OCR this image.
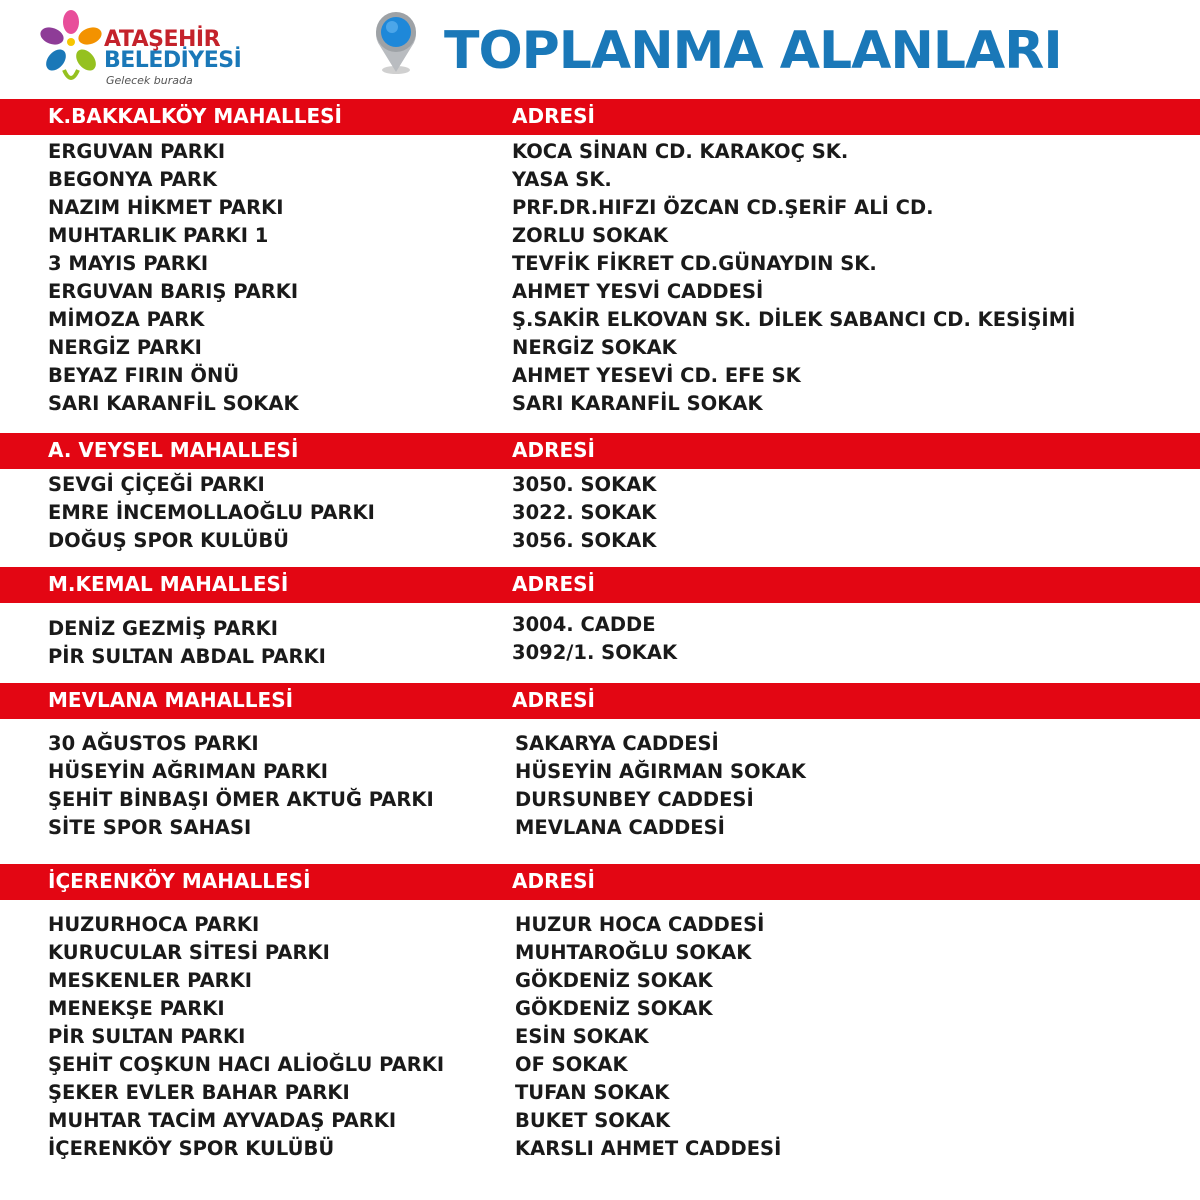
ATAŞEHİR
BELEDİYESİ
Gelecek burada	TOPLANMA ALANLARI
K.BAKKALKÖY MAHALLESİ	ADRESİ
ERGUVAN PARKI	KOCA SİNAN CD. KARAKOÇ SK.
BEGONYA PARK	YASA SK.
NAZIM HİKMET PARKI	PRF.DR.HIFZI ÖZCAN CD.ŞERİF ALİ CD.
MUHTARLIK PARKI 1	ZORLU SOKAK
3 MAYIS PARKI	TEVFİK FİKRET CD.GÜNAYDIN SK.
ERGUVAN BARIŞ PARKI	AHMET YESVİ CADDESİ
MİMOZA PARK	Ş.SAKİR ELKOVAN SK. DİLEK SABANCI CD. KESİŞİMİ
NERGİZ PARKI	NERGİZ SOKAK
BEYAZ FIRIN ÖNÜ	AHMET YESEVİ CD. EFE SK
SARI KARANFİL SOKAK	SARI KARANFİL SOKAK
A. VEYSEL MAHALLESİ	ADRESİ
SEVGİ ÇİÇEĞİ PARKI	3050. SOKAK
EMRE İNCEMOLLAOĞLU PARKI	3022. SOKAK
DOĞUŞ SPOR KULÜBÜ	3056. SOKAK
M.KEMAL MAHALLESİ	ADRESİ
DENİZ GEZMİŞ PARKI	3004. CADDE
PİR SULTAN ABDAL PARKI	3092/1. SOKAK
MEVLANA MAHALLESİ	ADRESİ
30 AĞUSTOS PARKI	SAKARYA CADDESİ
HÜSEYİN AĞRIMAN PARKI	HÜSEYİN AĞIRMAN SOKAK
ŞEHİT BİNBAŞI ÖMER AKTUĞ PARKI	DURSUNBEY CADDESİ
SİTE SPOR SAHASI	MEVLANA CADDESİ
İÇERENKÖY MAHALLESİ	ADRESİ
HUZURHOCA PARKI	HUZUR HOCA CADDESİ
KURUCULAR SİTESİ PARKI	MUHTAROĞLU SOKAK
MESKENLER PARKI	GÖKDENİZ SOKAK
MENEKŞE PARKI	GÖKDENİZ SOKAK
PİR SULTAN PARKI	ESİN SOKAK
ŞEHİT COŞKUN HACI ALİOĞLU PARKI	OF SOKAK
ŞEKER EVLER BAHAR PARKI	TUFAN SOKAK
MUHTAR TACİM AYVADAŞ PARKI	BUKET SOKAK
İÇERENKÖY SPOR KULÜBÜ	KARSLI AHMET CADDESİ
